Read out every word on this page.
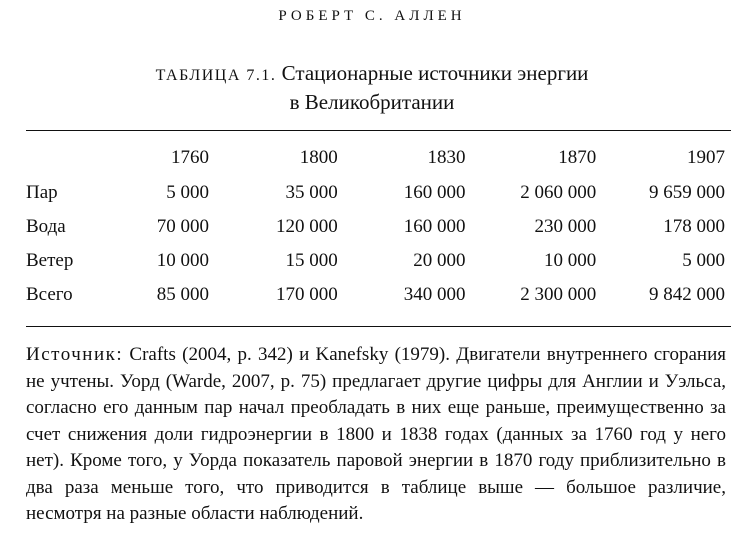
РОБЕРТ С. АЛЛЕН
ТАБЛИЦА 7.1. Стационарные источники энергии
в Великобритании
	1760	1800	1830	1870	1907
Пар	5 000	35 000	160 000	2 060 000	9 659 000
Вода	70 000	120 000	160 000	230 000	178 000
Ветер	10 000	15 000	20 000	10 000	5 000
Всего	85 000	170 000	340 000	2 300 000	9 842 000
Источник: Crafts (2004, p. 342) и Kanefsky (1979). Двигатели внутреннего сгорания не учтены. Уорд (Warde, 2007, p. 75) предлагает другие цифры для Англии и Уэльса, согласно его данным пар начал преобладать в них еще раньше, преимущественно за счет снижения доли гидроэнергии в 1800 и 1838 годах (данных за 1760 год у него нет). Кроме того, у Уорда показатель паровой энергии в 1870 году приблизительно в два раза меньше того, что приводится в таблице выше — большое различие, несмотря на разные области наблюдений.
